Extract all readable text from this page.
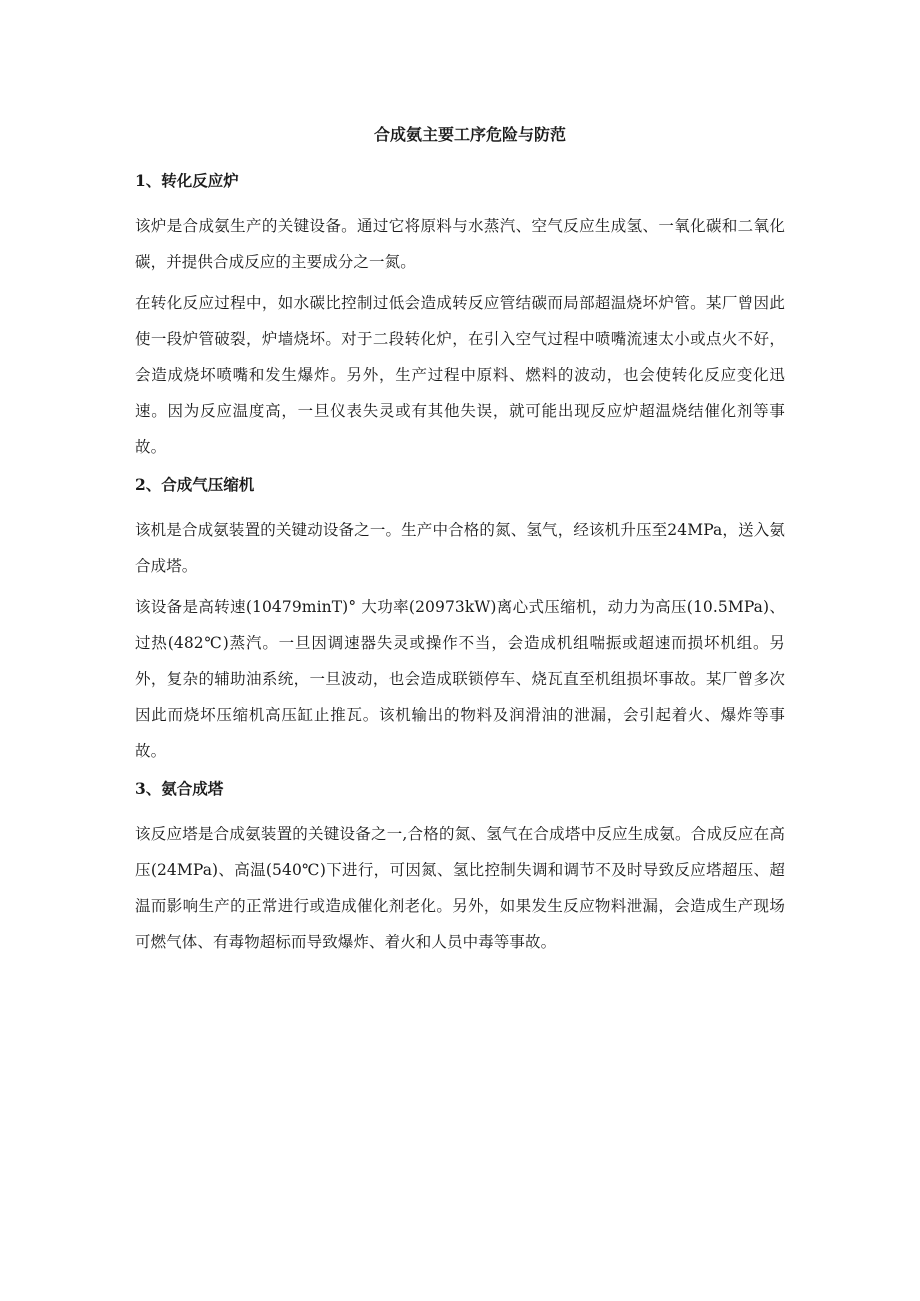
合成氨主要工序危险与防范
1、转化反应炉

该炉是合成氨生产的关键设备。通过它将原料与水蒸汽、空气反应生成氢、一氧化碳和二氧化碳，并提供合成反应的主要成分之一氮。

在转化反应过程中，如水碳比控制过低会造成转反应管结碳而局部超温烧坏炉管。某厂曾因此使一段炉管破裂，炉墙烧坏。对于二段转化炉，在引入空气过程中喷嘴流速太小或点火不好，会造成烧坏喷嘴和发生爆炸。另外，生产过程中原料、燃料的波动，也会使转化反应变化迅速。因为反应温度高，一旦仪表失灵或有其他失误，就可能出现反应炉超温烧结催化剂等事故。

2、合成气压缩机

该机是合成氨装置的关键动设备之一。生产中合格的氮、氢气，经该机升压至24MPa，送入氨合成塔。

该设备是高转速(10479minT)° 大功率(20973kW)离心式压缩机，动力为高压(10.5MPa)、过热(482℃)蒸汽。一旦因调速器失灵或操作不当，会造成机组喘振或超速而损坏机组。另外，复杂的辅助油系统，一旦波动，也会造成联锁停车、烧瓦直至机组损坏事故。某厂曾多次因此而烧坏压缩机高压缸止推瓦。该机输出的物料及润滑油的泄漏，会引起着火、爆炸等事故。

3、氨合成塔

该反应塔是合成氨装置的关键设备之一,合格的氮、氢气在合成塔中反应生成氨。合成反应在高压(24MPa)、高温(540℃)下进行，可因氮、氢比控制失调和调节不及时导致反应塔超压、超温而影响生产的正常进行或造成催化剂老化。另外，如果发生反应物料泄漏，会造成生产现场可燃气体、有毒物超标而导致爆炸、着火和人员中毒等事故。
